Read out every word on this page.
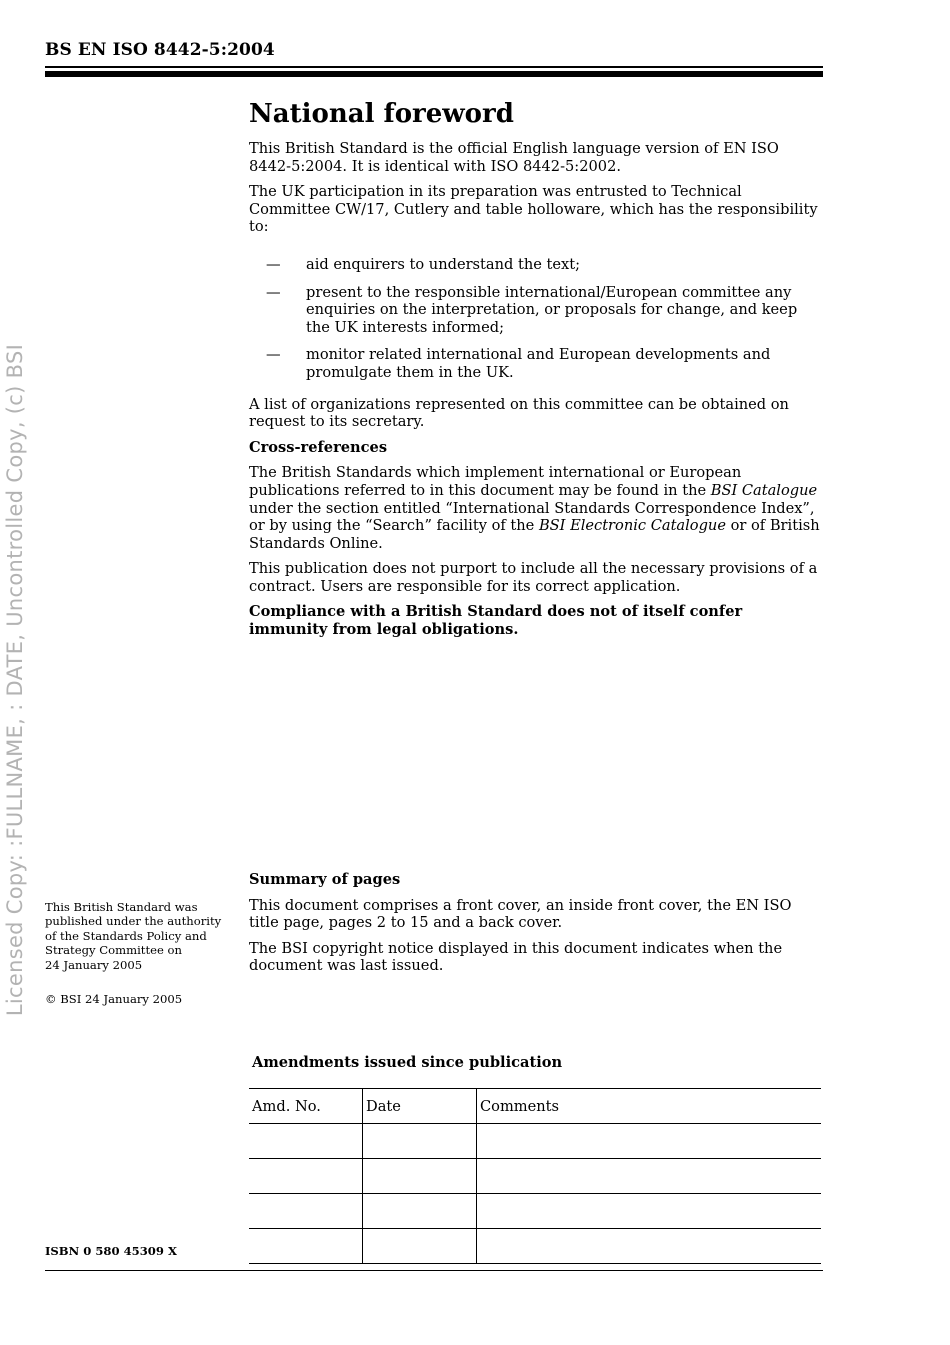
BS EN ISO 8442-5:2004
Licensed Copy: :FULLNAME, : DATE, Uncontrolled Copy, (c) BSI
National foreword

This British Standard is the official English language version of EN ISO 8442-5:2004. It is identical with ISO 8442-5:2002.

The UK participation in its preparation was entrusted to Technical Committee CW/17, Cutlery and table holloware, which has the responsibility to:

— aid enquirers to understand the text;
— present to the responsible international/European committee any enquiries on the interpretation, or proposals for change, and keep the UK interests informed;
— monitor related international and European developments and promulgate them in the UK.

A list of organizations represented on this committee can be obtained on request to its secretary.

Cross-references

The British Standards which implement international or European publications referred to in this document may be found in the BSI Catalogue under the section entitled “International Standards Correspondence Index”, or by using the “Search” facility of the BSI Electronic Catalogue or of British Standards Online.

This publication does not purport to include all the necessary provisions of a contract. Users are responsible for its correct application.

Compliance with a British Standard does not of itself confer immunity from legal obligations.

Summary of pages

This document comprises a front cover, an inside front cover, the EN ISO title page, pages 2 to 15 and a back cover.

The BSI copyright notice displayed in this document indicates when the document was last issued.

This British Standard was

published under the authority

of the Standards Policy and

Strategy Committee on

24 January 2005

© BSI 24 January 2005
Amendments issued since publication
Amd. No.	Date	Comments

ISBN 0 580 45309 X
